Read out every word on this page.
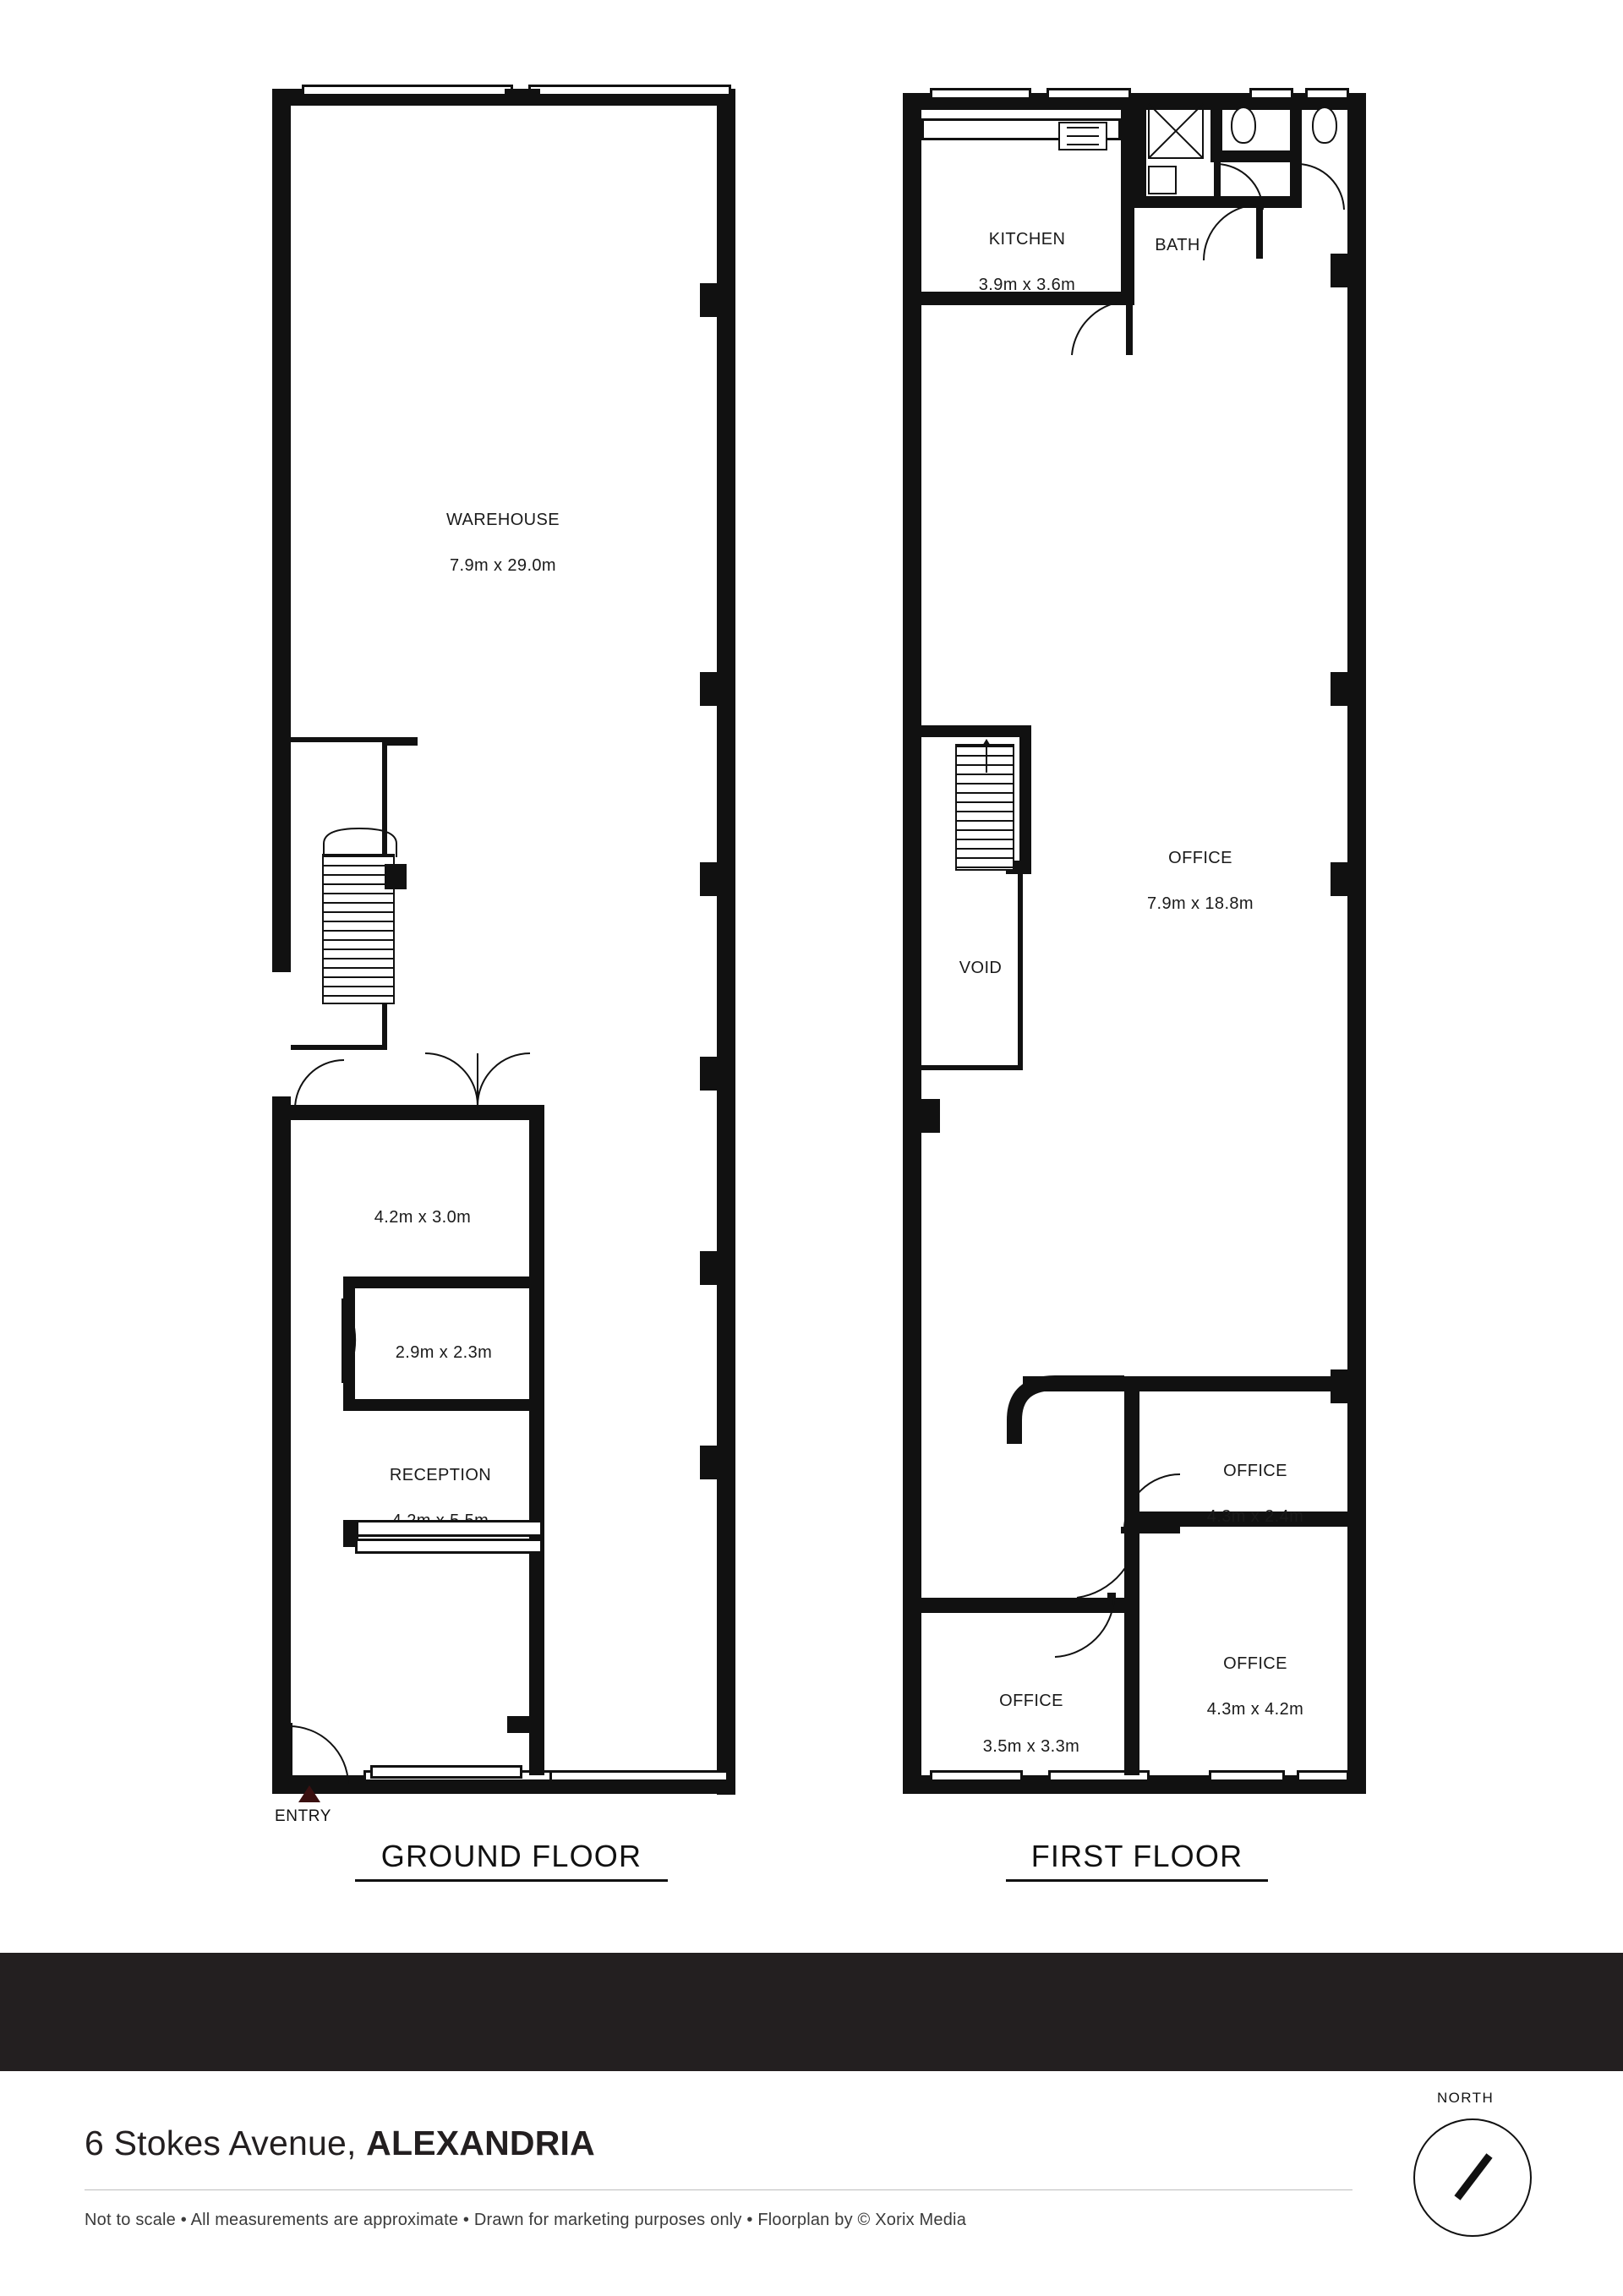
WAREHOUSE

7.9m x 29.0m

4.2m x 3.0m

2.9m x 2.3m

RECEPTION

ENTRY
GROUND FLOOR

KITCHEN

3.9m x 3.6m

BATH

OFFICE

7.9m x 18.8m

VOID

OFFICE

4.3m x 2.4m

OFFICE

4.3m x 4.2m

OFFICE

3.5m x 3.3m

FIRST FLOOR
6 Stokes Avenue, ALEXANDRIA
Not to scale • All measurements are approximate • Drawn for marketing purposes only • Floorplan by © Xorix Media
NORTH
